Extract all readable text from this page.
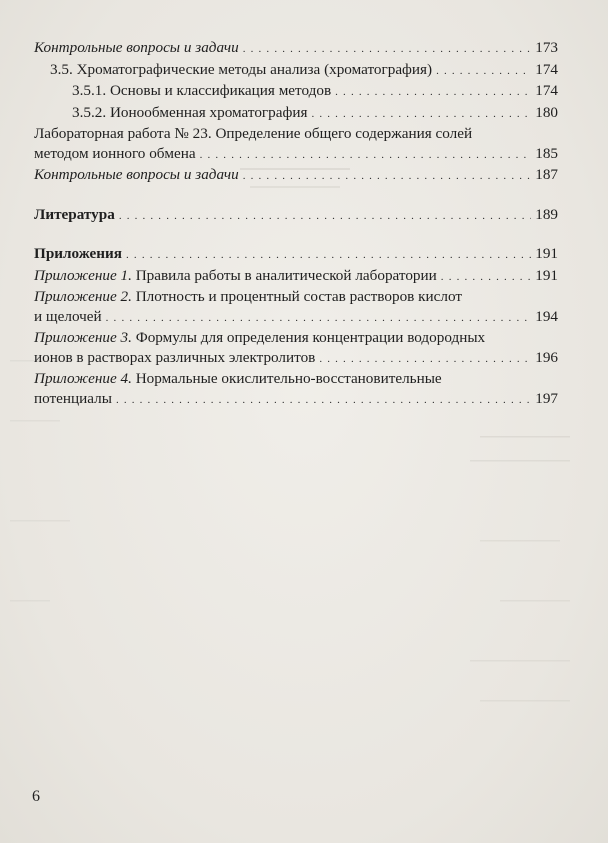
Контрольные вопросы и задачи . . .	173
3.5. Хроматографические методы анализа (хроматография) . . .	174
3.5.1. Основы и классификация методов . . .	174
3.5.2. Ионообменная хроматография . . .	180
Лабораторная работа № 23. Определение общего содержания солей
методом ионного обмена . . .	185
Контрольные вопросы и задачи . . .	187
Литература . . .	189
Приложения . . .	191
Приложение 1. Правила работы в аналитической лаборатории . . .	191
Приложение 2. Плотность и процентный состав растворов кислот
и щелочей . . .	194
Приложение 3. Формулы для определения концентрации водородных
ионов в растворах различных электролитов . . .	196
Приложение 4. Нормальные окислительно-восстановительные
потенциалы . . .	197
6
